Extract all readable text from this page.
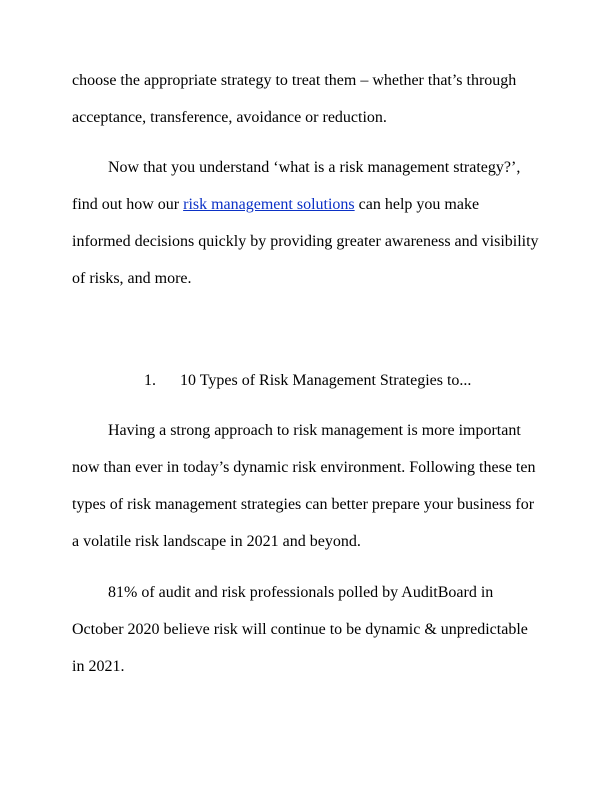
choose the appropriate strategy to treat them – whether that’s through
acceptance, transference, avoidance or reduction.
Now that you understand ‘what is a risk management strategy?’,
find out how our risk management solutions can help you make
informed decisions quickly by providing greater awareness and visibility
of risks, and more.
1. 10 Types of Risk Management Strategies to...
Having a strong approach to risk management is more important
now than ever in today’s dynamic risk environment. Following these ten
types of risk management strategies can better prepare your business for
a volatile risk landscape in 2021 and beyond.
81% of audit and risk professionals polled by AuditBoard in
October 2020 believe risk will continue to be dynamic & unpredictable
in 2021.
